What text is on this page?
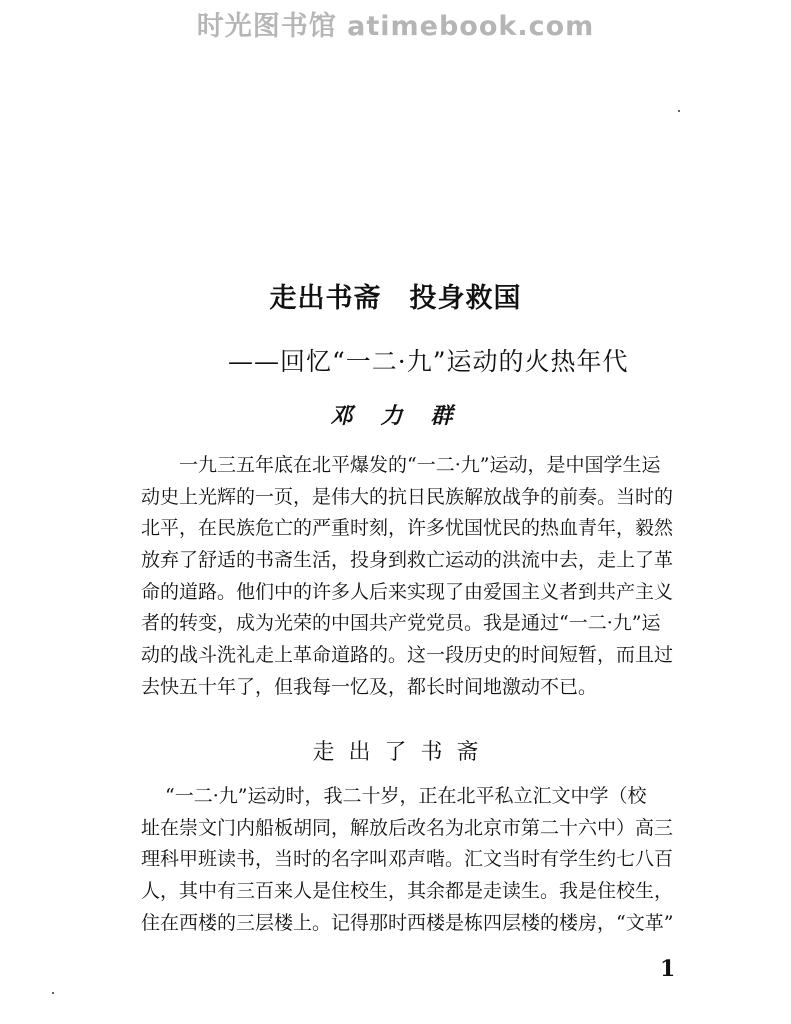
时光图书馆 atimebook.com
走出书斋　投身救国
——回忆“一二·九”运动的火热年代
邓力群
一九三五年底在北平爆发的“一二·九”运动，是中国学生运
动史上光辉的一页，是伟大的抗日民族解放战争的前奏。当时的
北平，在民族危亡的严重时刻，许多忧国忧民的热血青年，毅然
放弃了舒适的书斋生活，投身到救亡运动的洪流中去，走上了革
命的道路。他们中的许多人后来实现了由爱国主义者到共产主义
者的转变，成为光荣的中国共产党党员。我是通过“一二·九”运
动的战斗洗礼走上革命道路的。这一段历史的时间短暂，而且过
去快五十年了，但我每一忆及，都长时间地激动不已。
走出了书斋
“一二·九”运动时，我二十岁，正在北平私立汇文中学（校
址在崇文门内船板胡同，解放后改名为北京市第二十六中）高三
理科甲班读书，当时的名字叫邓声喈。汇文当时有学生约七八百
人，其中有三百来人是住校生，其余都是走读生。我是住校生，
住在西楼的三层楼上。记得那时西楼是栋四层楼的楼房，“文革”
1
